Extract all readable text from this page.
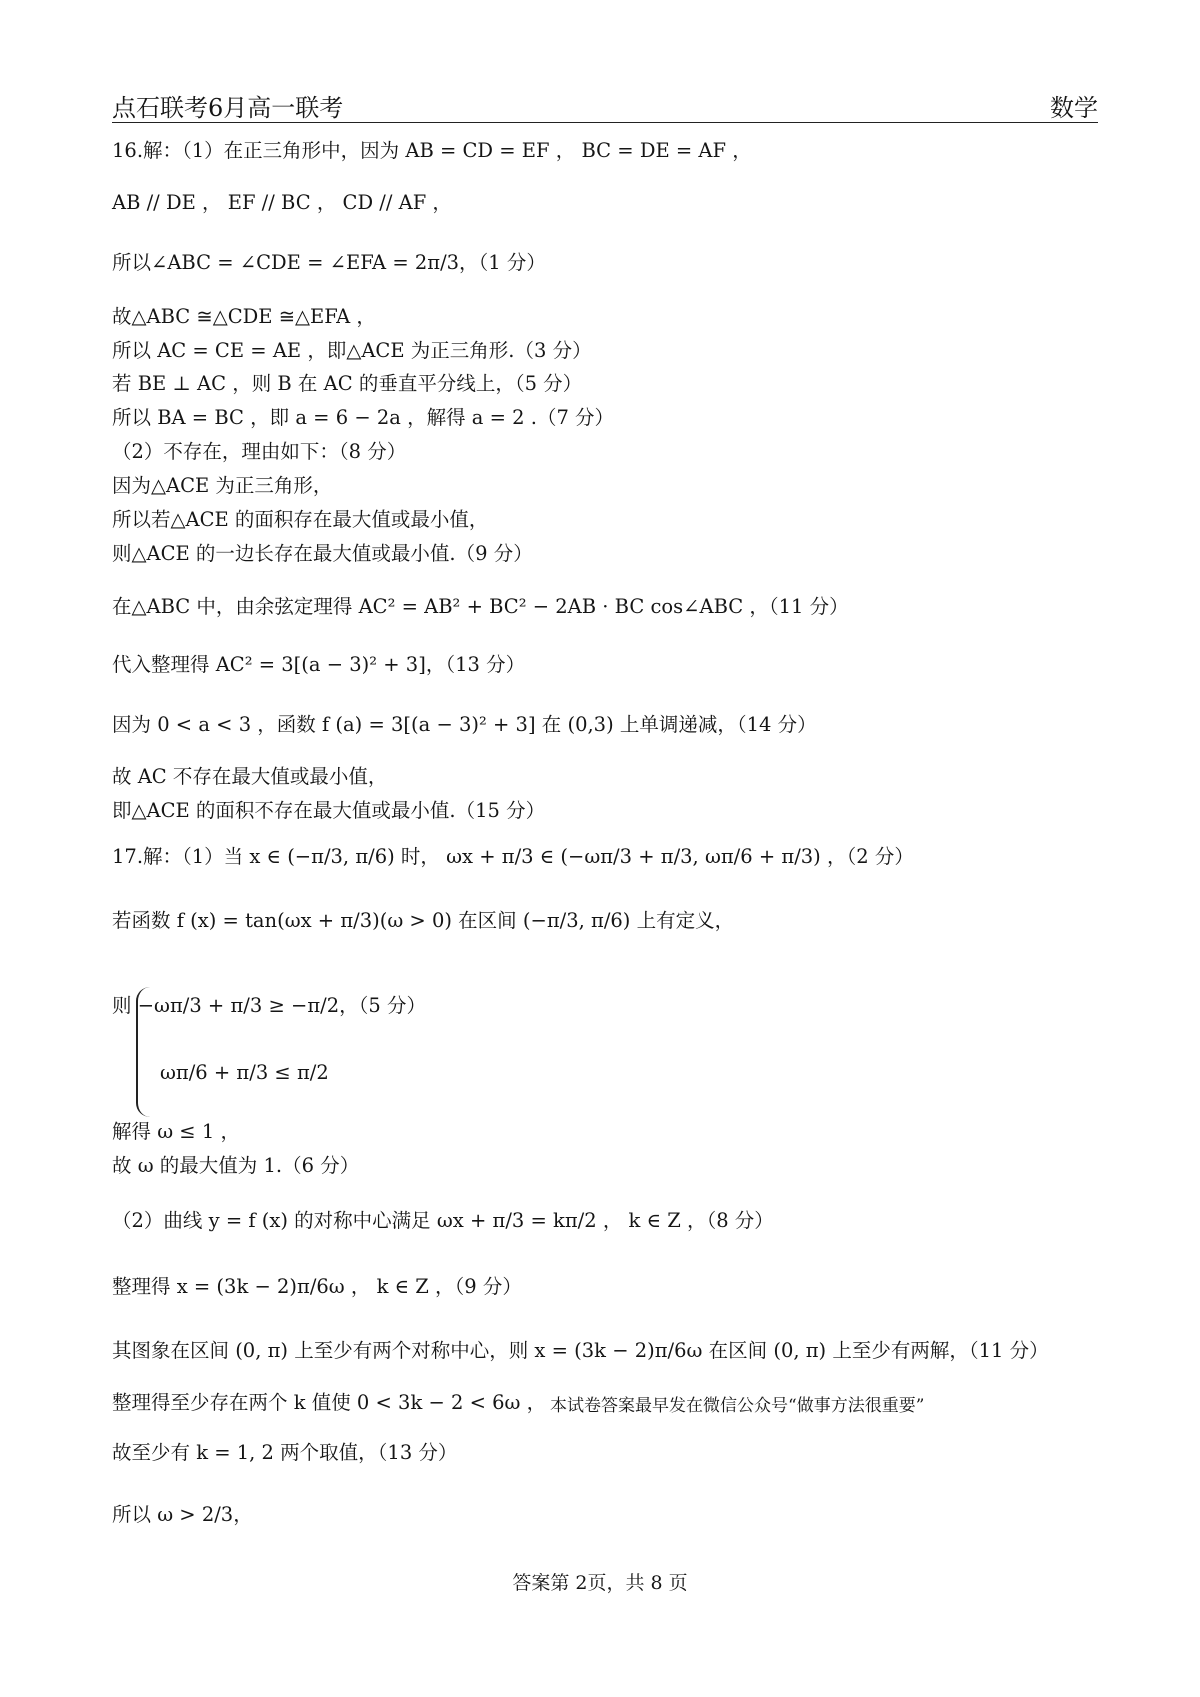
点石联考6月高一联考	数学
16.解：（1）在正三角形中，因为 AB = CD = EF ， BC = DE = AF ，
AB // DE ， EF // BC ， CD // AF ，
所以∠ABC = ∠CDE = ∠EFA = 2π/3，（1 分）
故△ABC ≅△CDE ≅△EFA ，
所以 AC = CE = AE ，即△ACE 为正三角形.（3 分）
若 BE ⊥ AC ，则 B 在 AC 的垂直平分线上，（5 分）
所以 BA = BC ，即 a = 6 − 2a ，解得 a = 2 .（7 分）
（2）不存在，理由如下：（8 分）
因为△ACE 为正三角形，
所以若△ACE 的面积存在最大值或最小值，
则△ACE 的一边长存在最大值或最小值.（9 分）
在△ABC 中，由余弦定理得 AC² = AB² + BC² − 2AB · BC cos∠ABC ，（11 分）
代入整理得 AC² = 3[(a − 3)² + 3]，（13 分）
因为 0 < a < 3 ，函数 f (a) = 3[(a − 3)² + 3] 在 (0,3) 上单调递减，（14 分）
故 AC 不存在最大值或最小值，
即△ACE 的面积不存在最大值或最小值.（15 分）
17.解：（1）当 x ∈ (−π/3, π/6) 时， ωx + π/3 ∈ (−ωπ/3 + π/3, ωπ/6 + π/3) ，（2 分）
若函数 f (x) = tan(ωx + π/3)(ω > 0) 在区间 (−π/3, π/6) 上有定义，
则 −ωπ/3 + π/3 ≥ −π/2，（5 分）
ωπ/6 + π/3 ≤ π/2
解得 ω ≤ 1 ，
故 ω 的最大值为 1.（6 分）
（2）曲线 y = f (x) 的对称中心满足 ωx + π/3 = kπ/2 ， k ∈ Z ，（8 分）
整理得 x = (3k − 2)π/6ω ， k ∈ Z ，（9 分）
其图象在区间 (0, π) 上至少有两个对称中心，则 x = (3k − 2)π/6ω 在区间 (0, π) 上至少有两解，（11 分）
整理得至少存在两个 k 值使 0 < 3k − 2 < 6ω ， 本试卷答案最早发在微信公众号“做事方法很重要”
故至少有 k = 1, 2 两个取值，（13 分）
所以 ω > 2/3，
答案第 2页，共 8 页
